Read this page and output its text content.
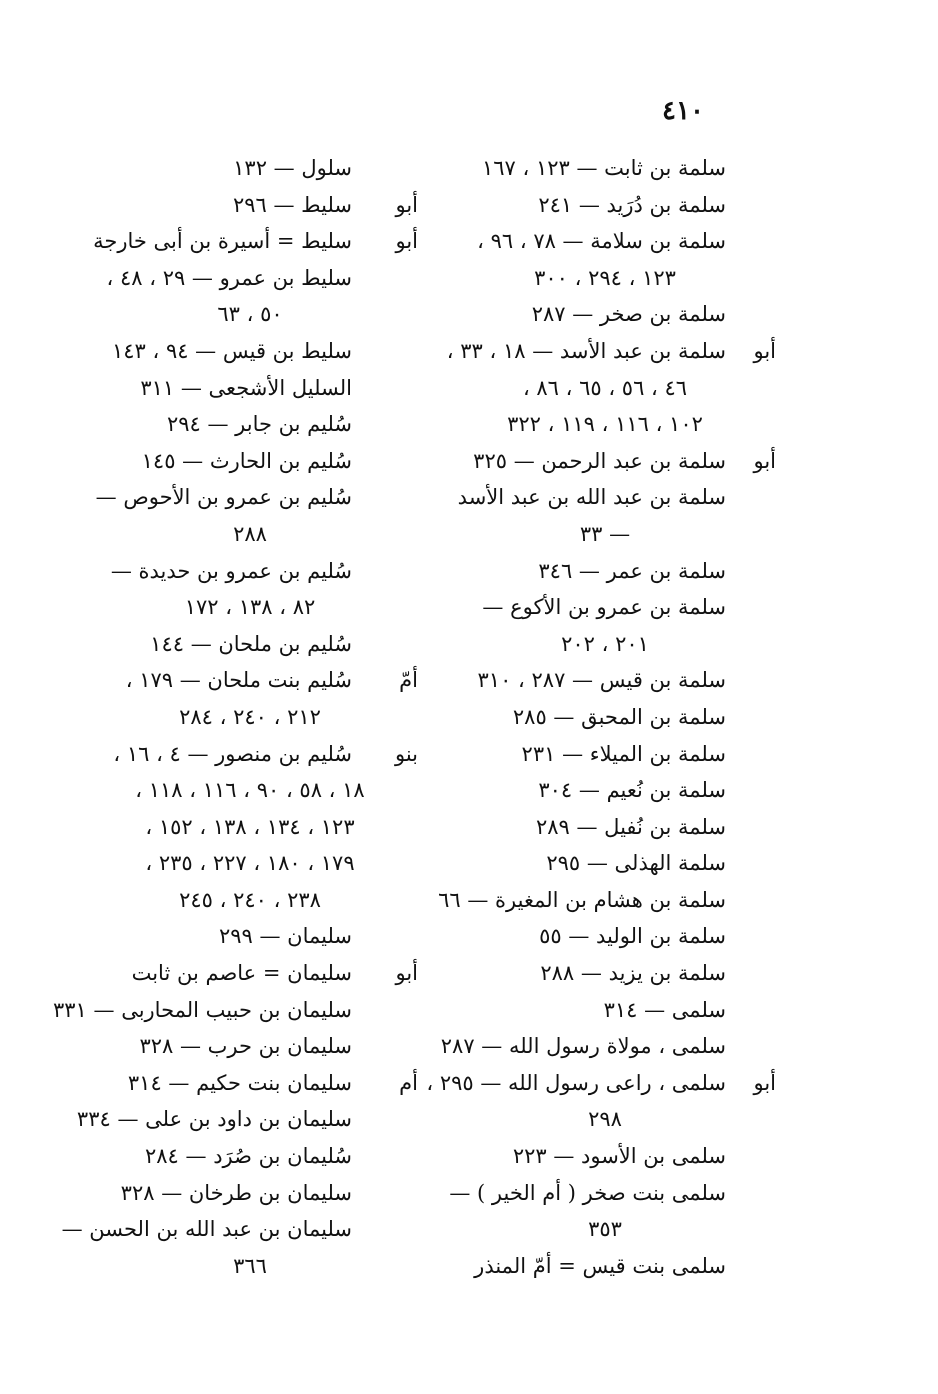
٤١٠
سلمة بن ثابت — ١٢٣ ، ١٦٧
سلمة بن دُرَيد — ٢٤١
سلمة بن سلامة — ٧٨ ، ٩٦ ،
١٢٣ ، ٢٩٤ ، ٣٠٠
سلمة بن صخر — ٢٨٧
أبو
سلمة بن عبد الأسد — ١٨ ، ٣٣ ،
٤٦ ، ٥٦ ، ٦٥ ، ٨٦ ،
١٠٢ ، ١١٦ ، ١١٩ ، ٣٢٢
أبو
سلمة بن عبد الرحمن — ٣٢٥
سلمة بن عبد الله بن عبد الأسد
— ٣٣
سلمة بن عمر — ٣٤٦
سلمة بن عمرو بن الأكوع —
٢٠١ ، ٢٠٢
سلمة بن قيس — ٢٨٧ ، ٣١٠
سلمة بن المحبق — ٢٨٥
سلمة بن الميلاء — ٢٣١
سلمة بن نُعيم — ٣٠٤
سلمة بن نُفيل — ٢٨٩
سلمة الهذلى — ٢٩٥
سلمة بن هشام بن المغيرة — ٦٦
سلمة بن الوليد — ٥٥
سلمة بن يزيد — ٢٨٨
سلمى — ٣١٤
سلمى ، مولاة رسول الله — ٢٨٧
أبو
سلمى ، راعى رسول الله — ٢٩٥ ،
٢٩٨
سلمى بن الأسود — ٢٢٣
سلمى بنت صخر ( أم الخير ) —
٣٥٣
سلمى بنت قيس = أمّ المنذر
سلول — ١٣٢
أبو
سليط — ٢٩٦
أبو
سليط = أسيرة بن أبى خارجة
سليط بن عمرو — ٢٩ ، ٤٨ ،
٥٠ ، ٦٣
سليط بن قيس — ٩٤ ، ١٤٣
السليل الأشجعى — ٣١١
سُليم بن جابر — ٢٩٤
سُليم بن الحارث — ١٤٥
سُليم بن عمرو بن الأحوص —
٢٨٨
سُليم بن عمرو بن حديدة —
٨٢ ، ١٣٨ ، ١٧٢
سُليم بن ملحان — ١٤٤
أمّ
سُليم بنت ملحان — ١٧٩ ،
٢١٢ ، ٢٤٠ ، ٢٨٤
بنو
سُليم بن منصور — ٤ ، ١٦ ،
١٨ ، ٥٨ ، ٩٠ ، ١١٦ ، ١١٨ ،
١٢٣ ، ١٣٤ ، ١٣٨ ، ١٥٢ ،
١٧٩ ، ١٨٠ ، ٢٢٧ ، ٢٣٥ ،
٢٣٨ ، ٢٤٠ ، ٢٤٥
سليمان — ٢٩٩
أبو
سليمان = عاصم بن ثابت
سليمان بن حبيب المحاربى — ٣٣١
سليمان بن حرب — ٣٢٨
أم
سليمان بنت حكيم — ٣١٤
سليمان بن داود بن على — ٣٣٤
سُليمان بن صُرَد — ٢٨٤
سليمان بن طرخان — ٣٢٨
سليمان بن عبد الله بن الحسن —
٣٦٦
